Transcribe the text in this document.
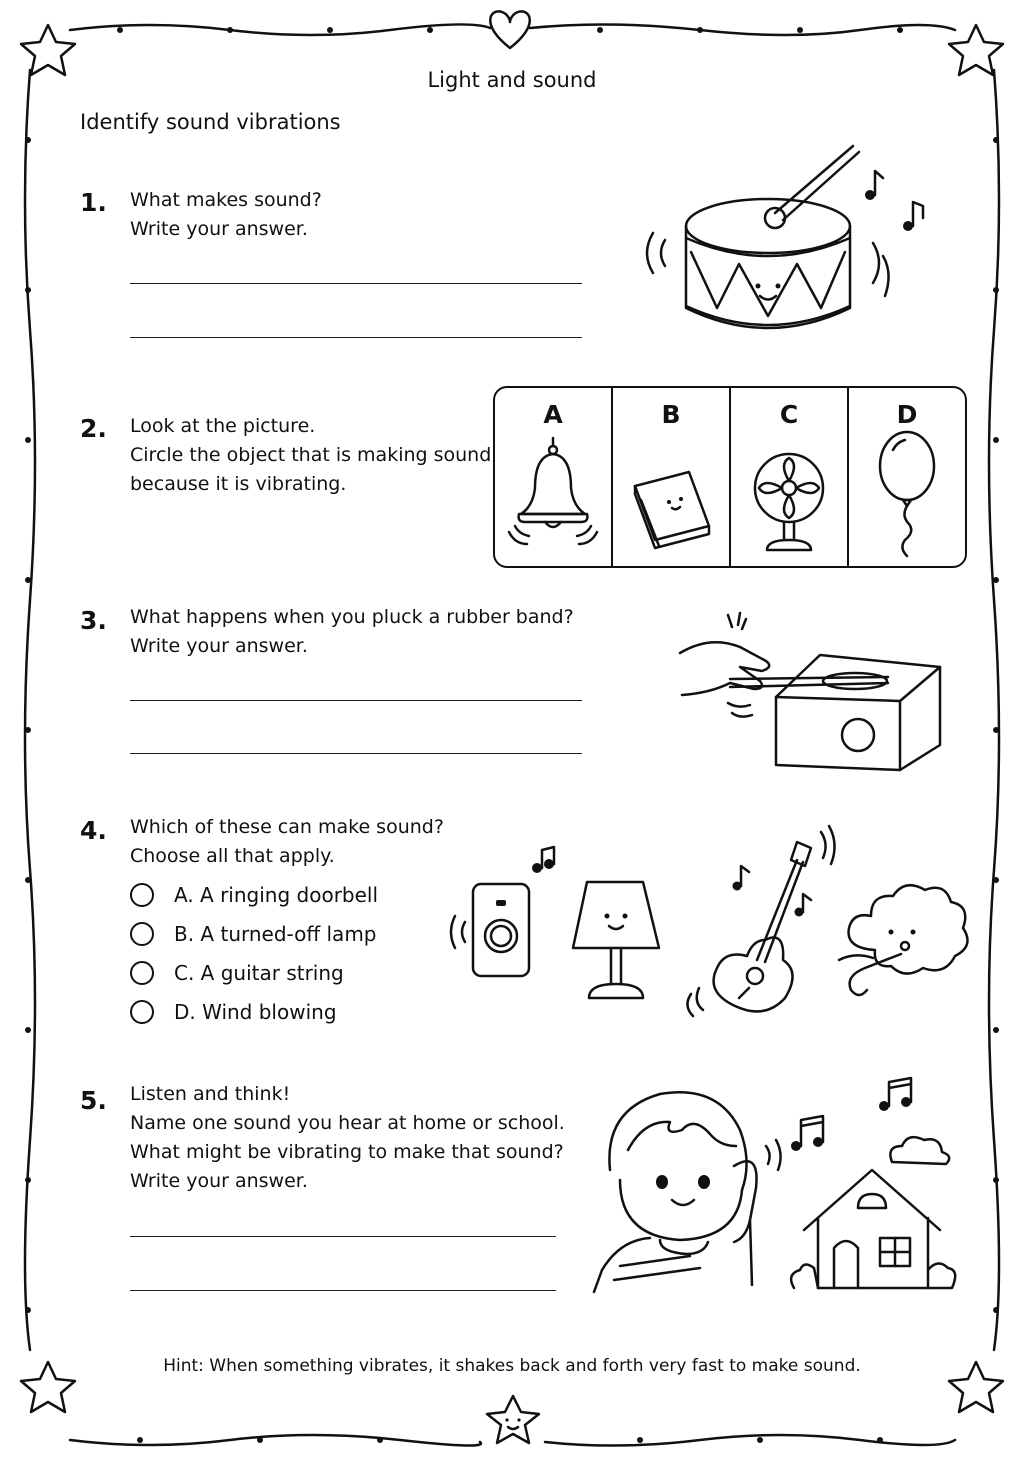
Light and sound
Identify sound vibrations
1. What makes sound?
Write your answer.
2. Look at the picture.
Circle the object that is making sound
because it is vibrating.
A	B	C	D
3. What happens when you pluck a rubber band?
Write your answer.
4. Which of these can make sound?
Choose all that apply.
A. A ringing doorbell
B. A turned-off lamp
C. A guitar string
D. Wind blowing
5. Listen and think!
Name one sound you hear at home or school.
What might be vibrating to make that sound?
Write your answer.
Hint: When something vibrates, it shakes back and forth very fast to make sound.
